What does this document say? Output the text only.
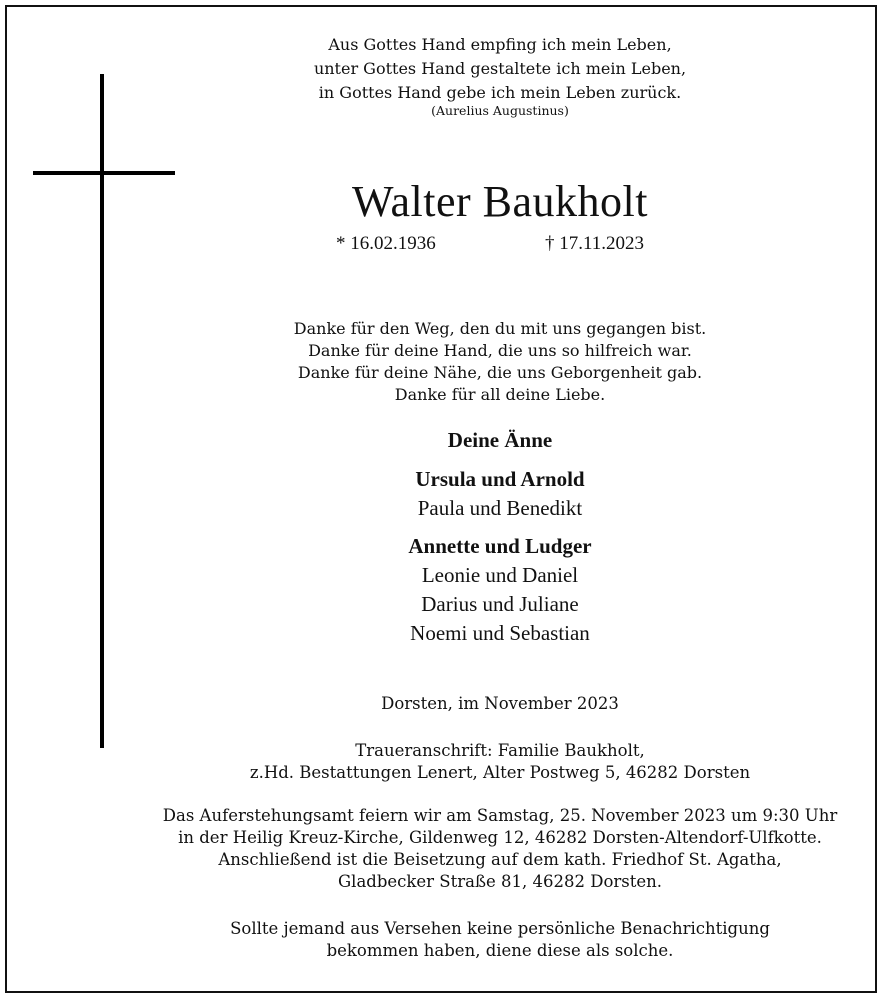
Aus Gottes Hand empfing ich mein Leben,
unter Gottes Hand gestaltete ich mein Leben,
in Gottes Hand gebe ich mein Leben zurück.
(Aurelius Augustinus)
Walter Baukholt
* 16.02.1936	† 17.11.2023
Danke für den Weg, den du mit uns gegangen bist.
Danke für deine Hand, die uns so hilfreich war.
Danke für deine Nähe, die uns Geborgenheit gab.
Danke für all deine Liebe.
Deine Änne
Ursula und Arnold
Paula und Benedikt
Annette und Ludger
Leonie und Daniel
Darius und Juliane
Noemi und Sebastian
Dorsten, im November 2023
Traueranschrift: Familie Baukholt,
z.Hd. Bestattungen Lenert, Alter Postweg 5, 46282 Dorsten
Das Auferstehungsamt feiern wir am Samstag, 25. November 2023 um 9:30 Uhr
in der Heilig Kreuz-Kirche, Gildenweg 12, 46282 Dorsten-Altendorf-Ulfkotte.
Anschließend ist die Beisetzung auf dem kath. Friedhof St. Agatha,
Gladbecker Straße 81, 46282 Dorsten.
Sollte jemand aus Versehen keine persönliche Benachrichtigung
bekommen haben, diene diese als solche.
